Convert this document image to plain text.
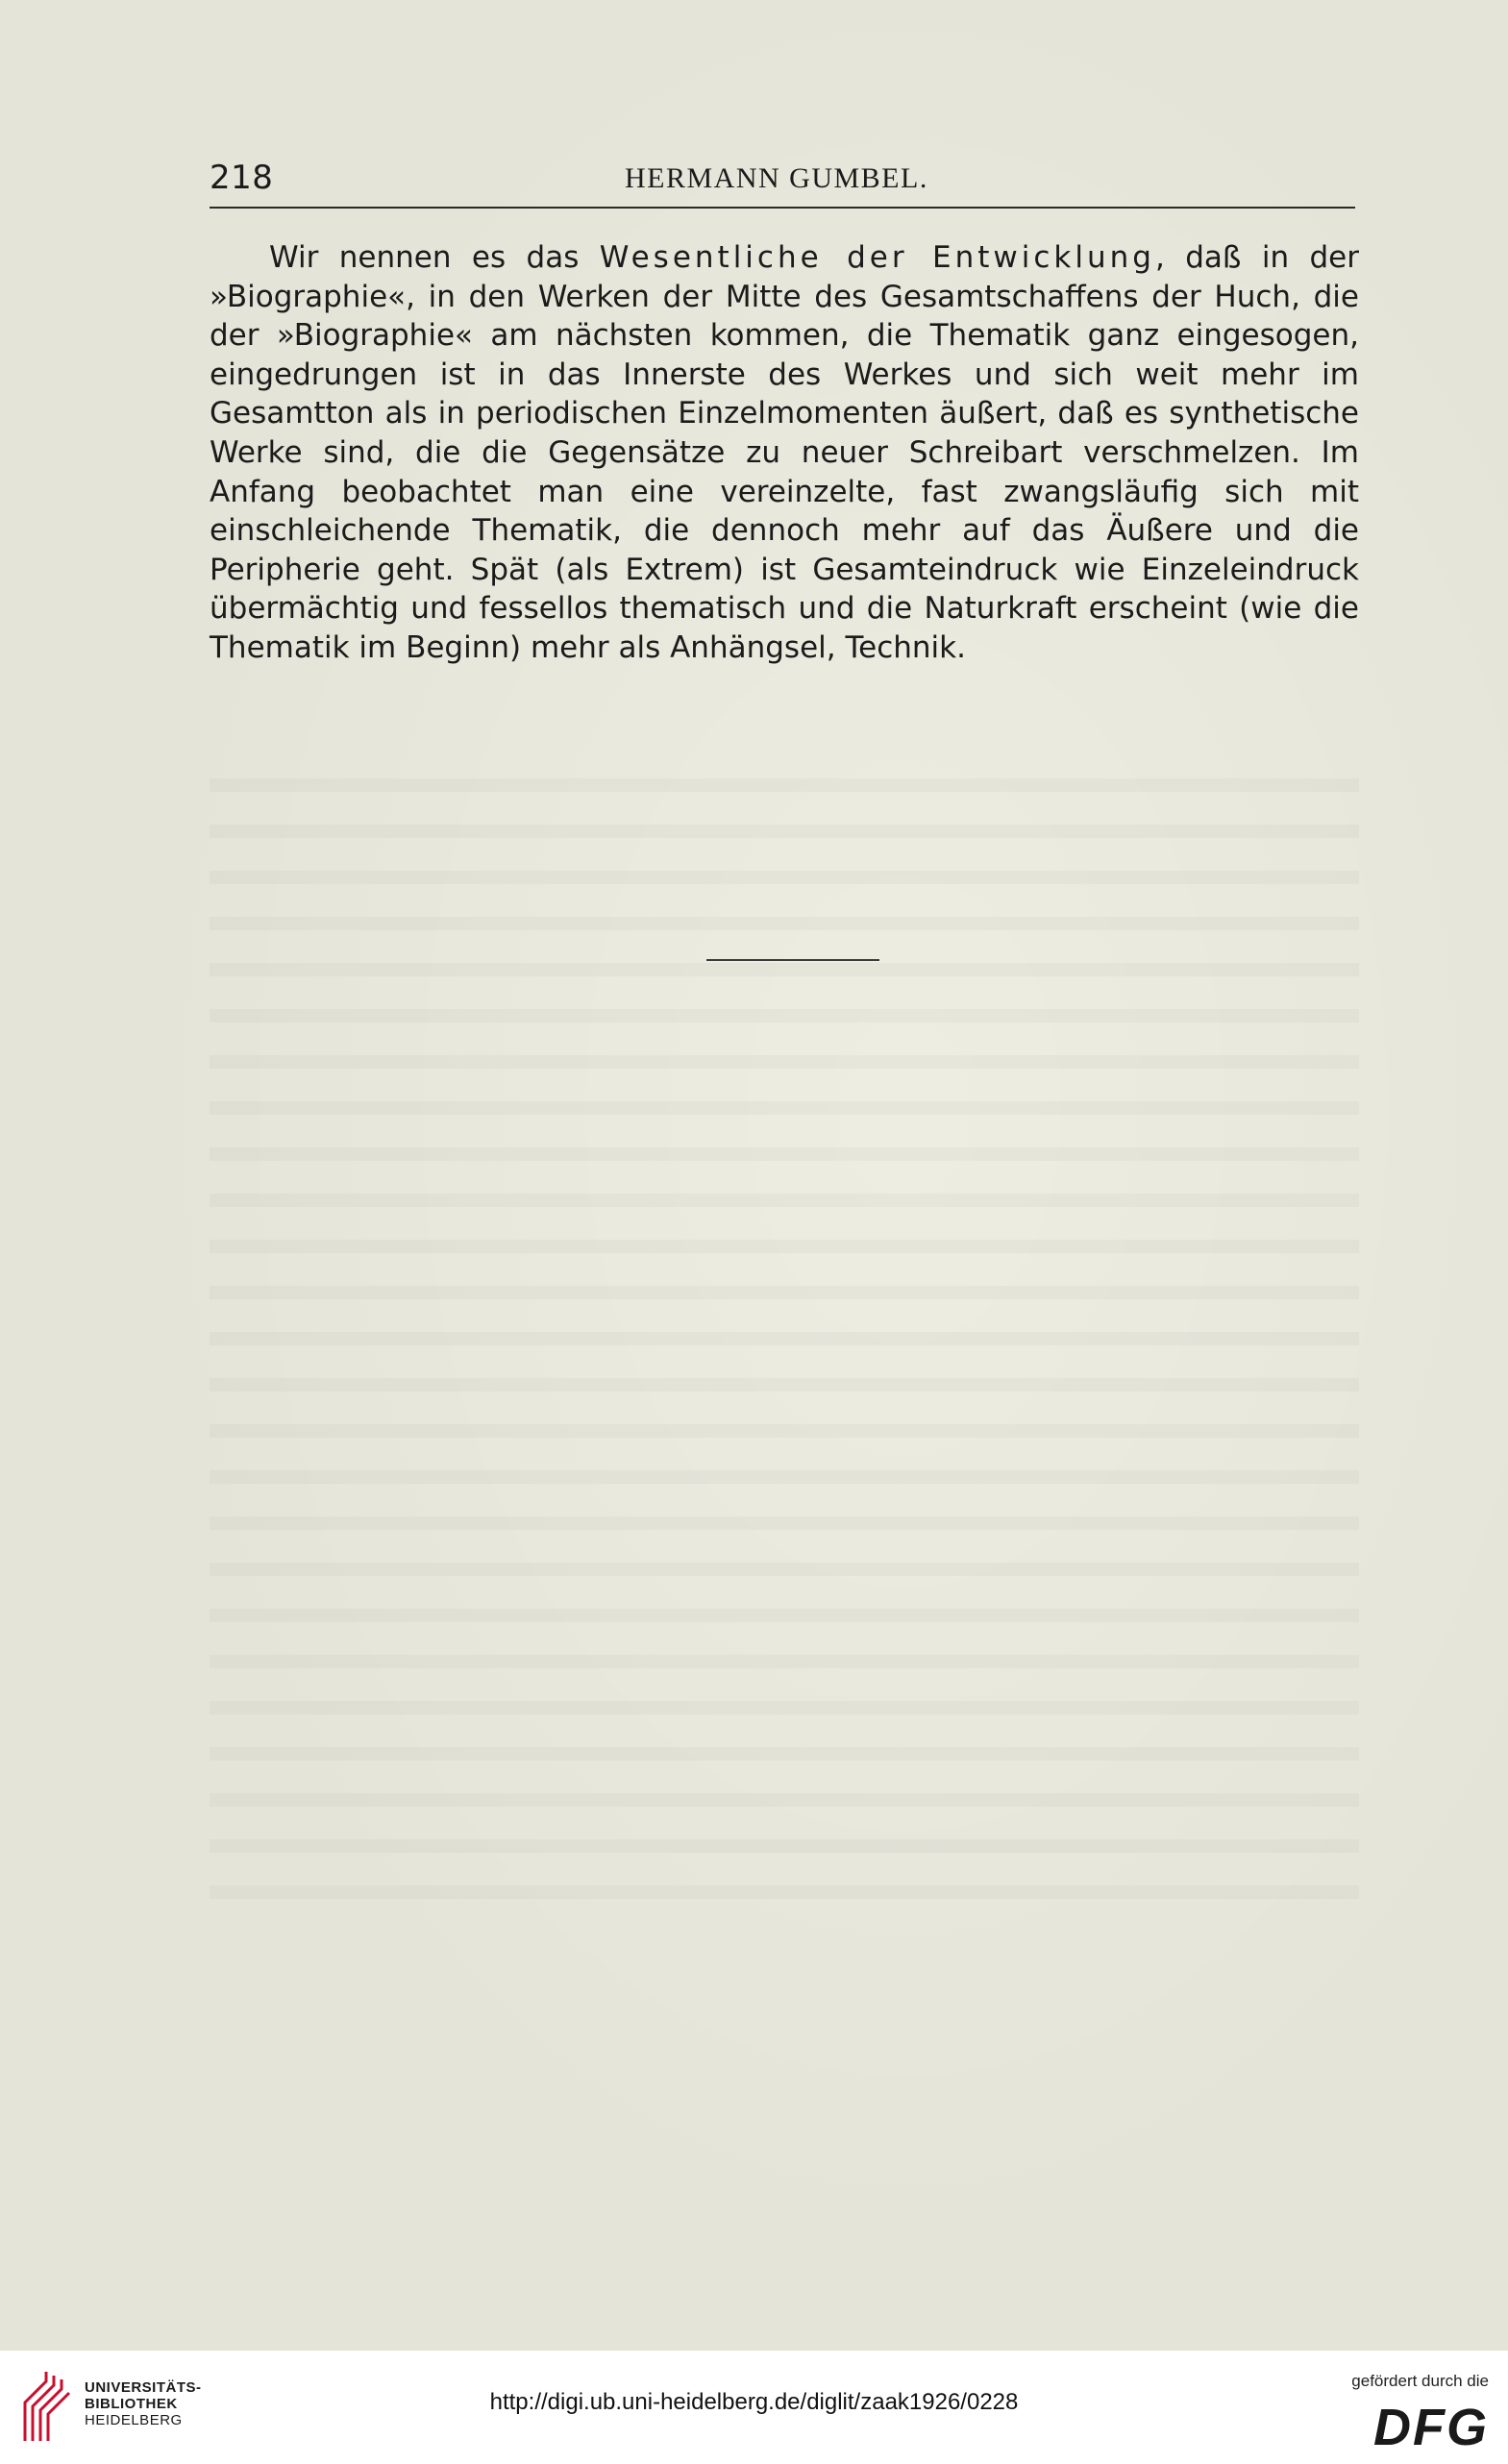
218	HERMANN GUMBEL.

Wir nennen es das Wesentliche der Entwicklung, daß in der »Biographie«, in den Werken der Mitte des Gesamtschaffens der Huch, die der »Biographie« am nächsten kommen, die Thematik ganz eingesogen, eingedrungen ist in das Innerste des Werkes und sich weit mehr im Gesamtton als in periodischen Einzelmomenten äußert, daß es synthetische Werke sind, die die Gegensätze zu neuer Schreibart verschmelzen. Im Anfang beobachtet man eine vereinzelte, fast zwangsläufig sich mit einschleichende Thematik, die dennoch mehr auf das Äußere und die Peripherie geht. Spät (als Extrem) ist Gesamteindruck wie Einzeleindruck übermächtig und fessellos thematisch und die Naturkraft erscheint (wie die Thematik im Beginn) mehr als Anhängsel, Technik.

UNIVERSITÄTS-
BIBLIOTHEK
HEIDELBERG
http://digi.ub.uni-heidelberg.de/diglit/zaak1926/0228
gefördert durch die
DFG
